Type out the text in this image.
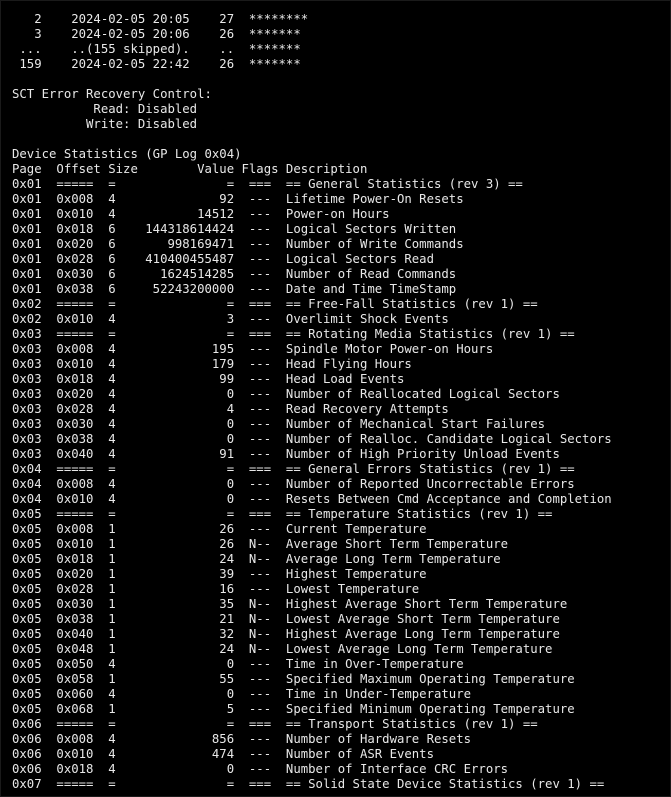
2    2024-02-05 20:05    27  ********
3    2024-02-05 20:06    26  *******
...    ..(155 skipped).    ..  *******
159    2024-02-05 22:42    26  *******
SCT Error Recovery Control:
Read: Disabled
Write: Disabled
Device Statistics (GP Log 0x04)
Page  Offset Size        Value Flags Description
0x01  =====  =               =  ===  == General Statistics (rev 3) ==
0x01  0x008  4              92  ---  Lifetime Power-On Resets
0x01  0x010  4           14512  ---  Power-on Hours
0x01  0x018  6    144318614424  ---  Logical Sectors Written
0x01  0x020  6       998169471  ---  Number of Write Commands
0x01  0x028  6    410400455487  ---  Logical Sectors Read
0x01  0x030  6      1624514285  ---  Number of Read Commands
0x01  0x038  6     52243200000  ---  Date and Time TimeStamp
0x02  =====  =               =  ===  == Free-Fall Statistics (rev 1) ==
0x02  0x010  4               3  ---  Overlimit Shock Events
0x03  =====  =               =  ===  == Rotating Media Statistics (rev 1) ==
0x03  0x008  4             195  ---  Spindle Motor Power-on Hours
0x03  0x010  4             179  ---  Head Flying Hours
0x03  0x018  4              99  ---  Head Load Events
0x03  0x020  4               0  ---  Number of Reallocated Logical Sectors
0x03  0x028  4               4  ---  Read Recovery Attempts
0x03  0x030  4               0  ---  Number of Mechanical Start Failures
0x03  0x038  4               0  ---  Number of Realloc. Candidate Logical Sectors
0x03  0x040  4              91  ---  Number of High Priority Unload Events
0x04  =====  =               =  ===  == General Errors Statistics (rev 1) ==
0x04  0x008  4               0  ---  Number of Reported Uncorrectable Errors
0x04  0x010  4               0  ---  Resets Between Cmd Acceptance and Completion
0x05  =====  =               =  ===  == Temperature Statistics (rev 1) ==
0x05  0x008  1              26  ---  Current Temperature
0x05  0x010  1              26  N--  Average Short Term Temperature
0x05  0x018  1              24  N--  Average Long Term Temperature
0x05  0x020  1              39  ---  Highest Temperature
0x05  0x028  1              16  ---  Lowest Temperature
0x05  0x030  1              35  N--  Highest Average Short Term Temperature
0x05  0x038  1              21  N--  Lowest Average Short Term Temperature
0x05  0x040  1              32  N--  Highest Average Long Term Temperature
0x05  0x048  1              24  N--  Lowest Average Long Term Temperature
0x05  0x050  4               0  ---  Time in Over-Temperature
0x05  0x058  1              55  ---  Specified Maximum Operating Temperature
0x05  0x060  4               0  ---  Time in Under-Temperature
0x05  0x068  1               5  ---  Specified Minimum Operating Temperature
0x06  =====  =               =  ===  == Transport Statistics (rev 1) ==
0x06  0x008  4             856  ---  Number of Hardware Resets
0x06  0x010  4             474  ---  Number of ASR Events
0x06  0x018  4               0  ---  Number of Interface CRC Errors
0x07  =====  =               =  ===  == Solid State Device Statistics (rev 1) ==
